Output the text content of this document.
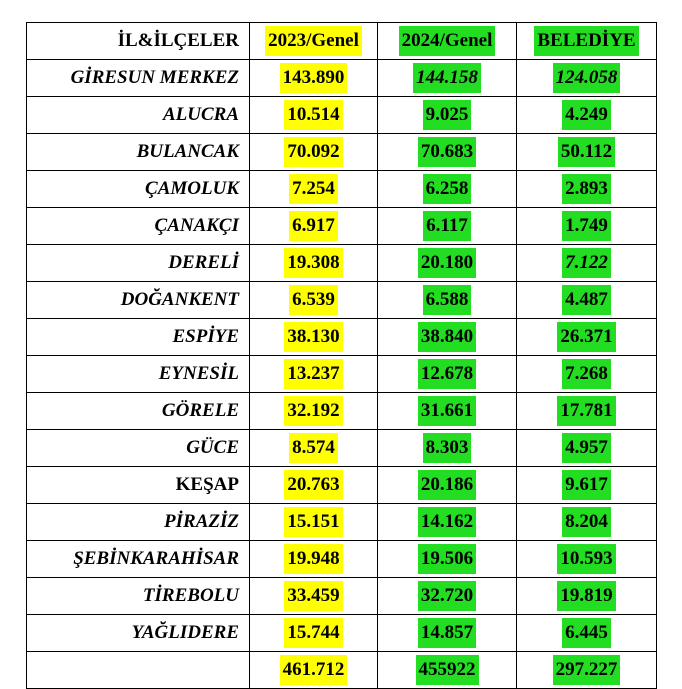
İL&İLÇELER	2023/Genel	2024/Genel	BELEDİYE
GİRESUN MERKEZ	143.890	144.158	124.058
ALUCRA	10.514	9.025	4.249
BULANCAK	70.092	70.683	50.112
ÇAMOLUK	7.254	6.258	2.893
ÇANAKÇI	6.917	6.117	1.749
DERELİ	19.308	20.180	7.122
DOĞANKENT	6.539	6.588	4.487
ESPİYE	38.130	38.840	26.371
EYNESİL	13.237	12.678	7.268
GÖRELE	32.192	31.661	17.781
GÜCE	8.574	8.303	4.957
KEŞAP	20.763	20.186	9.617
PİRAZİZ	15.151	14.162	8.204
ŞEBİNKARAHİSAR	19.948	19.506	10.593
TİREBOLU	33.459	32.720	19.819
YAĞLIDERE	15.744	14.857	6.445
	461.712	455922	297.227
